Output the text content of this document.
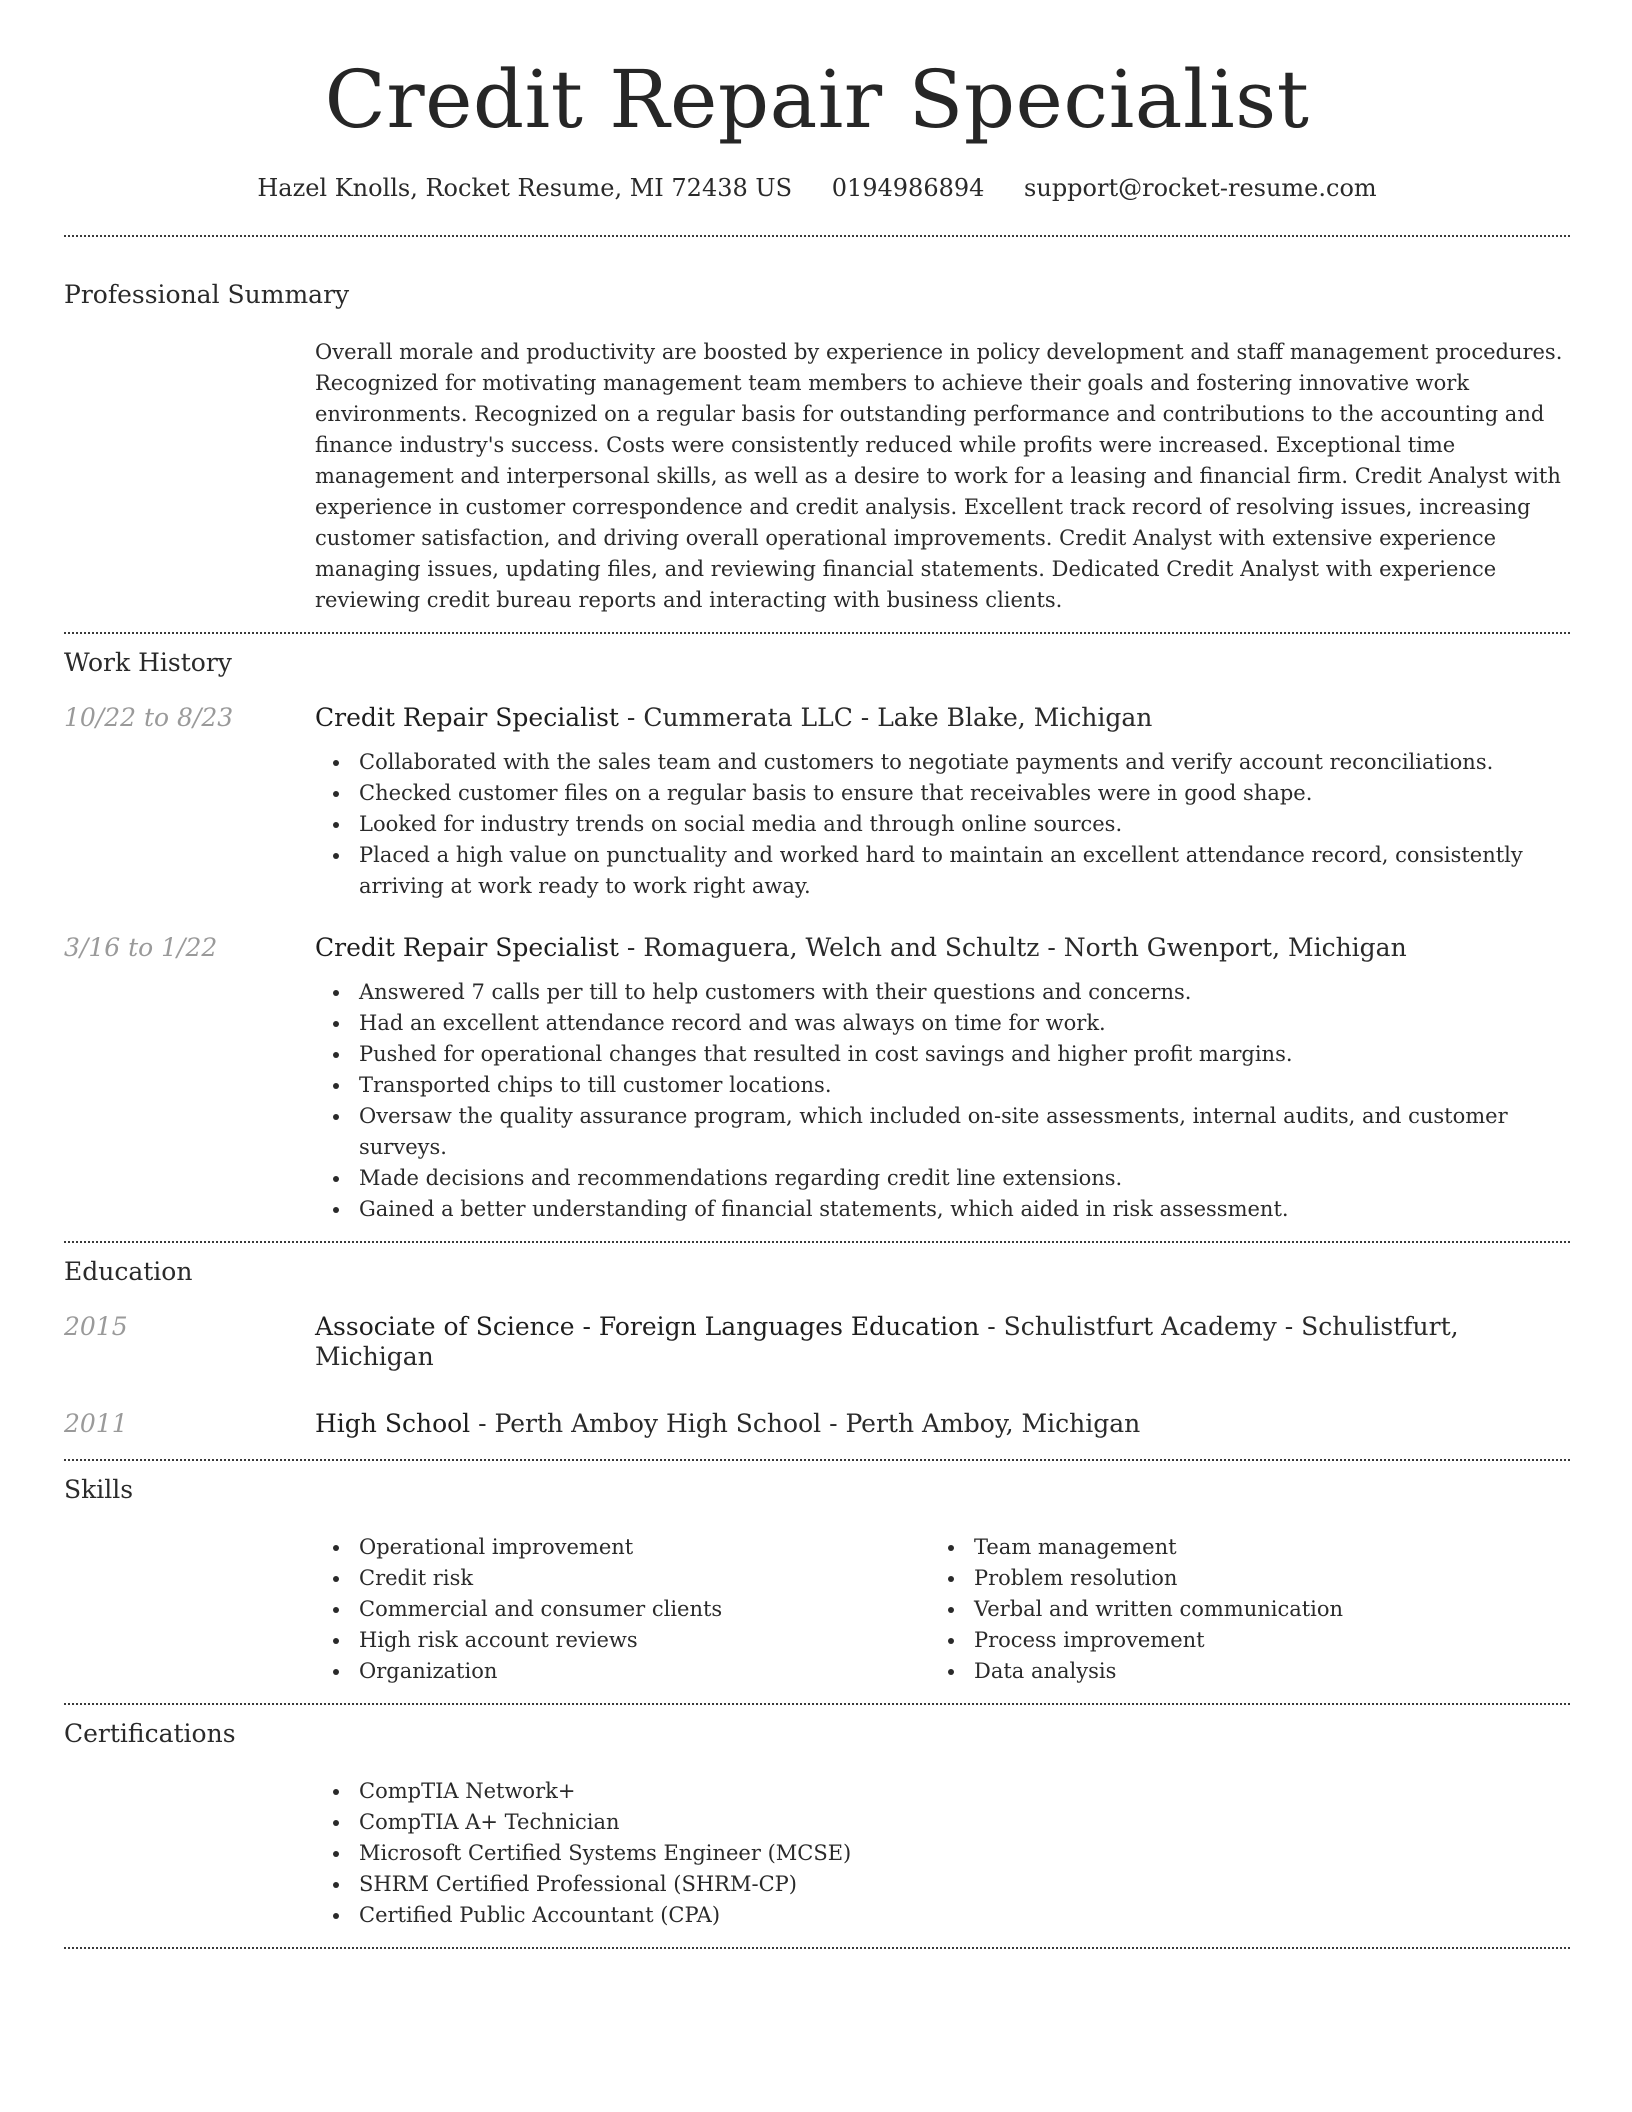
Credit Repair Specialist
Hazel Knolls, Rocket Resume, MI 72438 US 0194986894 support@rocket-resume.com
Professional Summary

Overall morale and productivity are boosted by experience in policy development and staff management procedures. Recognized for motivating management team members to achieve their goals and fostering innovative work environments. Recognized on a regular basis for outstanding performance and contributions to the accounting and finance industry's success. Costs were consistently reduced while profits were increased. Exceptional time management and interpersonal skills, as well as a desire to work for a leasing and financial firm. Credit Analyst with experience in customer correspondence and credit analysis. Excellent track record of resolving issues, increasing customer satisfaction, and driving overall operational improvements. Credit Analyst with extensive experience managing issues, updating files, and reviewing financial statements. Dedicated Credit Analyst with experience reviewing credit bureau reports and interacting with business clients.

Work History
10/22 to 8/23	Credit Repair Specialist - Cummerata LLC - Lake Blake, Michigan
Collaborated with the sales team and customers to negotiate payments and verify account reconciliations.
Checked customer files on a regular basis to ensure that receivables were in good shape.
Looked for industry trends on social media and through online sources.
Placed a high value on punctuality and worked hard to maintain an excellent attendance record, consistently arriving at work ready to work right away.
3/16 to 1/22	Credit Repair Specialist - Romaguera, Welch and Schultz - North Gwenport, Michigan
Answered 7 calls per till to help customers with their questions and concerns.
Had an excellent attendance record and was always on time for work.
Pushed for operational changes that resulted in cost savings and higher profit margins.
Transported chips to till customer locations.
Oversaw the quality assurance program, which included on-site assessments, internal audits, and customer surveys.
Made decisions and recommendations regarding credit line extensions.
Gained a better understanding of financial statements, which aided in risk assessment.
Education
2015	Associate of Science - Foreign Languages Education - Schulistfurt Academy - Schulistfurt, Michigan
2011	High School - Perth Amboy High School - Perth Amboy, Michigan
Skills
Operational improvement
Credit risk
Commercial and consumer clients
High risk account reviews
Organization
Team management
Problem resolution
Verbal and written communication
Process improvement
Data analysis
Certifications
CompTIA Network+
CompTIA A+ Technician
Microsoft Certified Systems Engineer (MCSE)
SHRM Certified Professional (SHRM-CP)
Certified Public Accountant (CPA)
